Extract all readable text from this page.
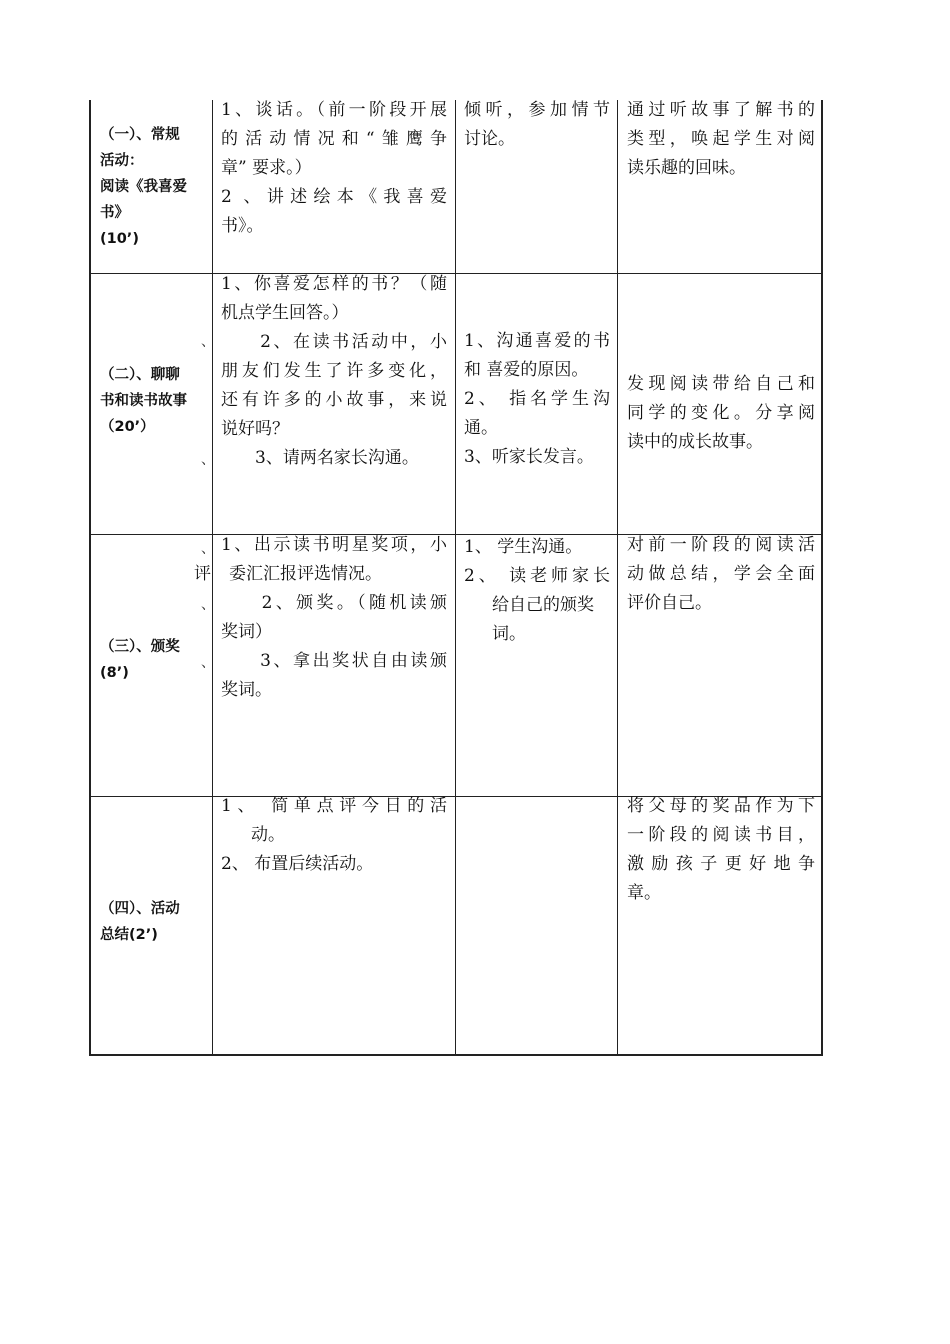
（一）、常规
活动：
阅读《我喜爱
书》
(10’)
1、谈话。（前一阶段开展
的活动情况和“雏鹰争
章” 要求。）
2 、讲述绘本《我喜爱
书》。
倾听，参加情节
讨论。
通过听故事了解书的
类型，唤起学生对阅
读乐趣的回味。
、
、
（二）、聊聊
书和读书故事
（20’）
1、你喜爱怎样的书？（随
机点学生回答。）
　　2、在读书活动中，小
朋友们发生了许多变化，
还有许多的小故事，来说
说好吗？
　　3、请两名家长沟通。
1、沟通喜爱的书
和 喜爱的原因。
2、 指名学生沟
通。
3、听家长发言。
发现阅读带给自己和
同学的变化。分享阅
读中的成长故事。
、
、
、
评
（三）、颁奖
(8’)
1、出示读书明星奖项，小
委汇汇报评选情况。
　　2、颁奖。（随机读颁
奖词）
　　3、拿出奖状自由读颁
奖词。
1、 学生沟通。
2、 读老师家长
给自己的颁奖
词。
对前一阶段的阅读活
动做总结，学会全面
评价自己。
（四）、活动
总结(2’)
1、 简单点评今日的活
动。
2、 布置后续活动。
将父母的奖品作为下
一阶段的阅读书目，
激励孩子更好地争
章。
